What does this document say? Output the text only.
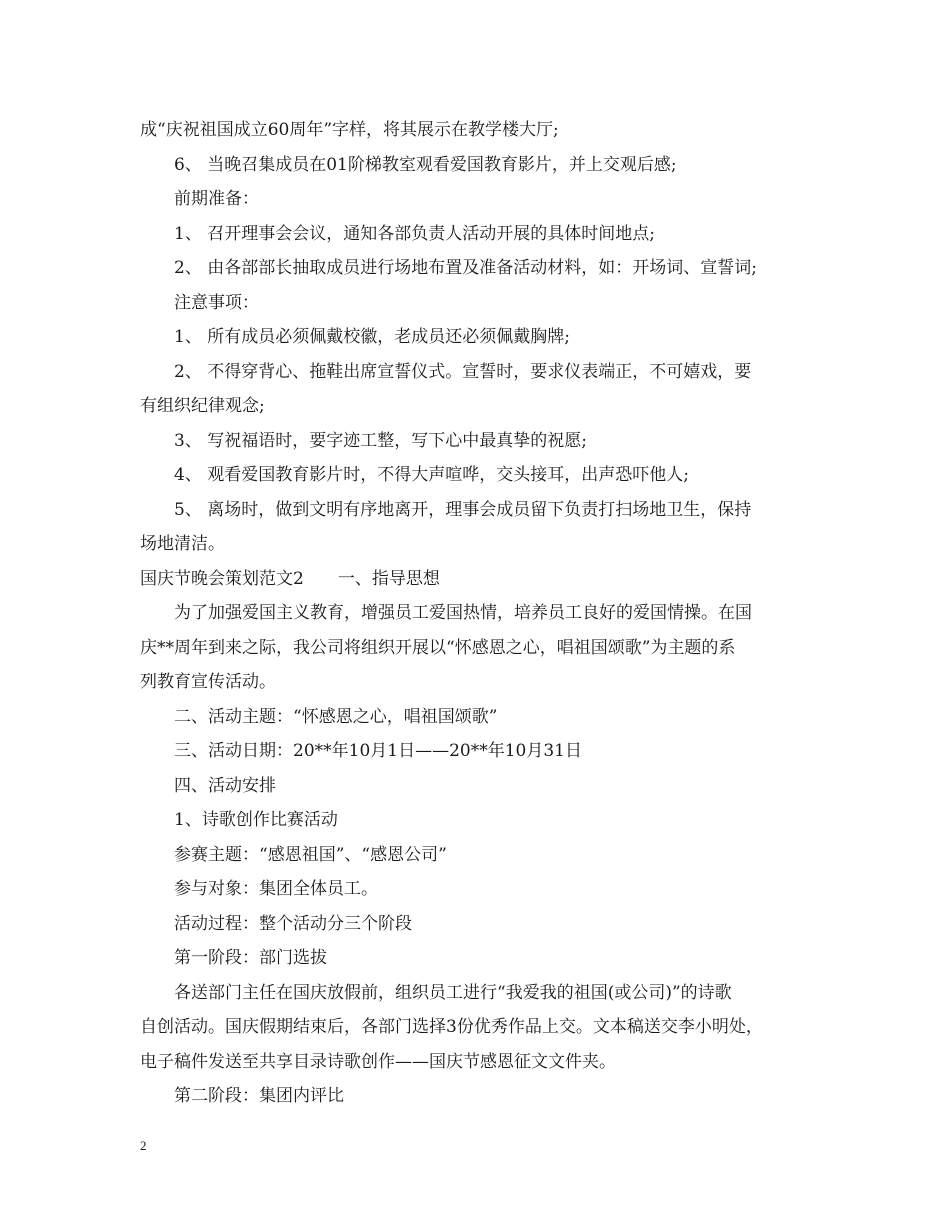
成“庆祝祖国成立60周年”字样，将其展示在教学楼大厅;
6、 当晚召集成员在01阶梯教室观看爱国教育影片，并上交观后感;
前期准备：
1、 召开理事会会议，通知各部负责人活动开展的具体时间地点;
2、 由各部部长抽取成员进行场地布置及准备活动材料，如：开场词、宣誓词;
注意事项：
1、 所有成员必须佩戴校徽，老成员还必须佩戴胸牌;
2、 不得穿背心、拖鞋出席宣誓仪式。宣誓时，要求仪表端正，不可嬉戏，要
有组织纪律观念;
3、 写祝福语时，要字迹工整，写下心中最真挚的祝愿;
4、 观看爱国教育影片时，不得大声喧哗，交头接耳，出声恐吓他人;
5、 离场时，做到文明有序地离开，理事会成员留下负责打扫场地卫生，保持
场地清洁。
国庆节晚会策划范文2　　一、指导思想
为了加强爱国主义教育，增强员工爱国热情，培养员工良好的爱国情操。在国
庆**周年到来之际，我公司将组织开展以“怀感恩之心，唱祖国颂歌”为主题的系
列教育宣传活动。
二、活动主题：“怀感恩之心，唱祖国颂歌”
三、活动日期：20**年10月1日——20**年10月31日
四、活动安排
1、诗歌创作比赛活动
参赛主题：“感恩祖国”、“感恩公司”
参与对象：集团全体员工。
活动过程：整个活动分三个阶段
第一阶段：部门选拔
各送部门主任在国庆放假前，组织员工进行“我爱我的祖国(或公司)”的诗歌
自创活动。国庆假期结束后，各部门选择3份优秀作品上交。文本稿送交李小明处，
电子稿件发送至共享目录诗歌创作——国庆节感恩征文文件夹。
第二阶段：集团内评比
2
